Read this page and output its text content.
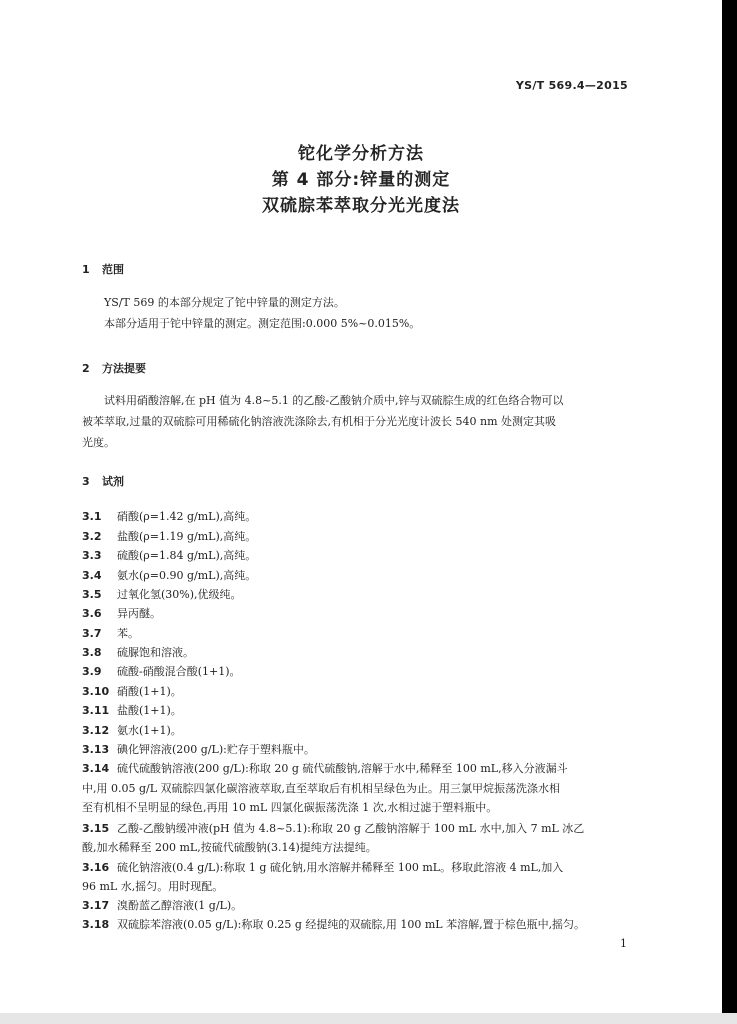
YS/T 569.4—2015
铊化学分析方法
第 4 部分:锌量的测定
双硫腙苯萃取分光光度法
1 范围

YS/T 569 的本部分规定了铊中锌量的测定方法。

本部分适用于铊中锌量的测定。测定范围:0.000 5%~0.015%。

2 方法提要

试料用硝酸溶解,在 pH 值为 4.8~5.1 的乙酸-乙酸钠介质中,锌与双硫腙生成的红色络合物可以

被苯萃取,过量的双硫腙可用稀硫化钠溶液洗涤除去,有机相于分光光度计波长 540 nm 处测定其吸
光度。
3 试剂
3.1 硝酸(ρ=1.42 g/mL),高纯。
3.2 盐酸(ρ=1.19 g/mL),高纯。
3.3 硫酸(ρ=1.84 g/mL),高纯。
3.4 氨水(ρ=0.90 g/mL),高纯。
3.5 过氧化氢(30%),优级纯。
3.6 异丙醚。
3.7 苯。
3.8 硫脲饱和溶液。
3.9 硫酸-硝酸混合酸(1+1)。
3.10 硝酸(1+1)。
3.11 盐酸(1+1)。
3.12 氨水(1+1)。
3.13 碘化钾溶液(200 g/L):贮存于塑料瓶中。
3.14 硫代硫酸钠溶液(200 g/L):称取 20 g 硫代硫酸钠,溶解于水中,稀释至 100 mL,移入分液漏斗
中,用 0.05 g/L 双硫腙四氯化碳溶液萃取,直至萃取后有机相呈绿色为止。用三氯甲烷振荡洗涤水相
至有机相不呈明显的绿色,再用 10 mL 四氯化碳振荡洗涤 1 次,水相过滤于塑料瓶中。
3.15 乙酸-乙酸钠缓冲液(pH 值为 4.8~5.1):称取 20 g 乙酸钠溶解于 100 mL 水中,加入 7 mL 冰乙
酸,加水稀释至 200 mL,按硫代硫酸钠(3.14)提纯方法提纯。
3.16 硫化钠溶液(0.4 g/L):称取 1 g 硫化钠,用水溶解并稀释至 100 mL。移取此溶液 4 mL,加入
96 mL 水,摇匀。用时现配。
3.17 溴酚蓝乙醇溶液(1 g/L)。
3.18 双硫腙苯溶液(0.05 g/L):称取 0.25 g 经提纯的双硫腙,用 100 mL 苯溶解,置于棕色瓶中,摇匀。
1
